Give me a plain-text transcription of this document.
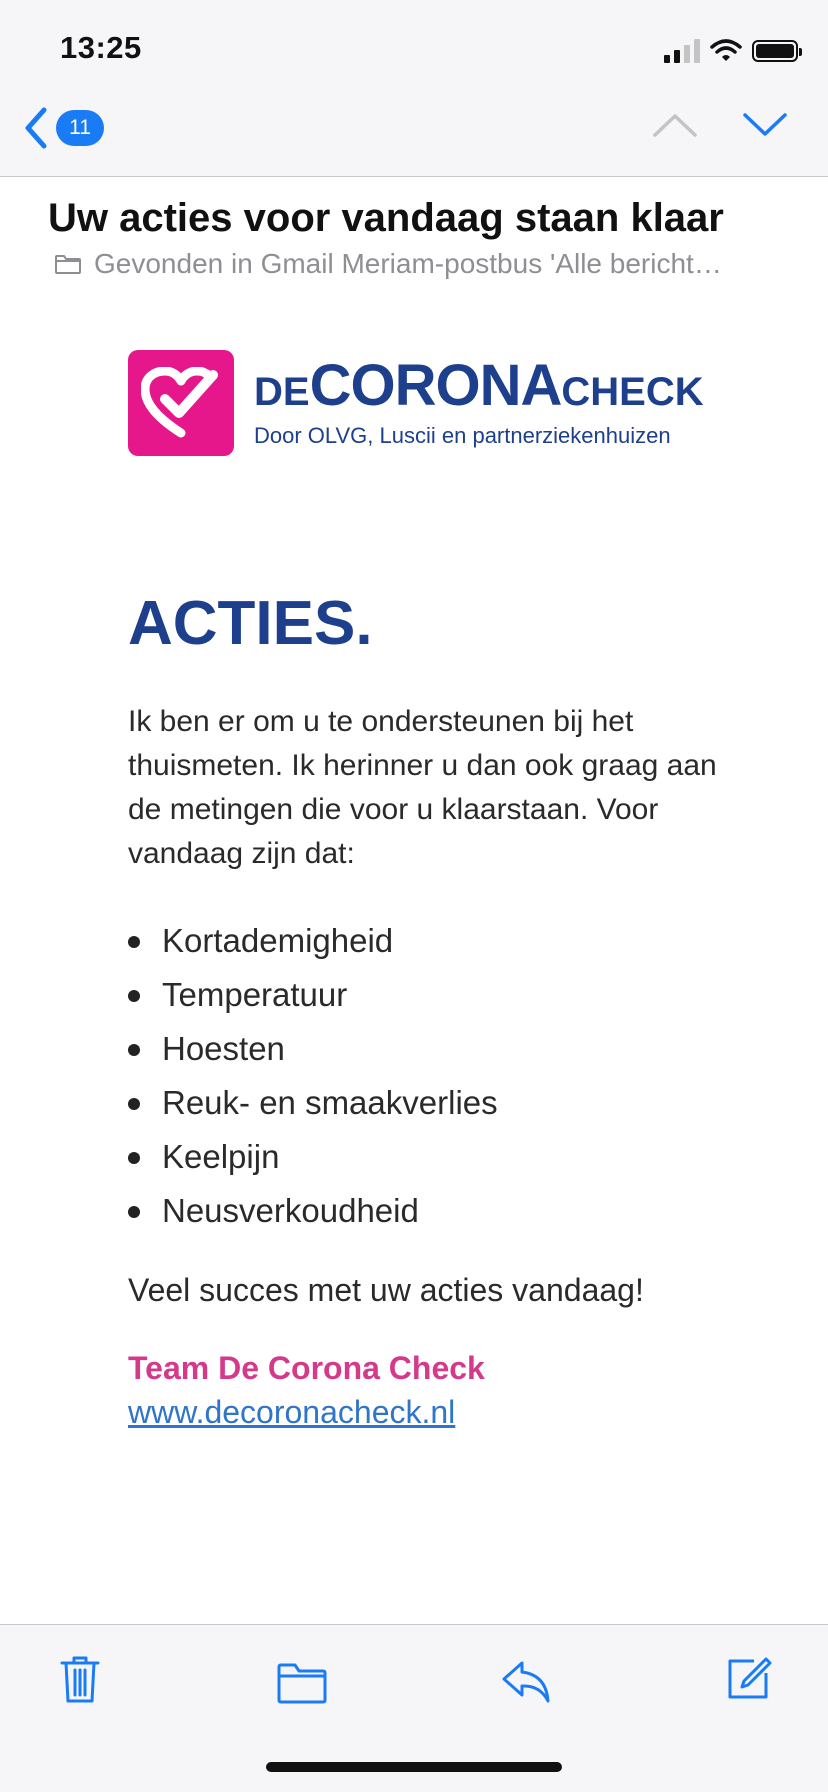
13:25
11
Uw acties voor vandaag staan klaar
Gevonden in Gmail Meriam-postbus 'Alle bericht…
DECORONACHECK
Door OLVG, Luscii en partnerziekenhuizen
ACTIES.
Ik ben er om u te ondersteunen bij het thuismeten. Ik herinner u dan ook graag aan de metingen die voor u klaarstaan. Voor vandaag zijn dat:
Kortademigheid
Temperatuur
Hoesten
Reuk- en smaakverlies
Keelpijn
Neusverkoudheid
Veel succes met uw acties vandaag!
Team De Corona Check
www.decoronacheck.nl
